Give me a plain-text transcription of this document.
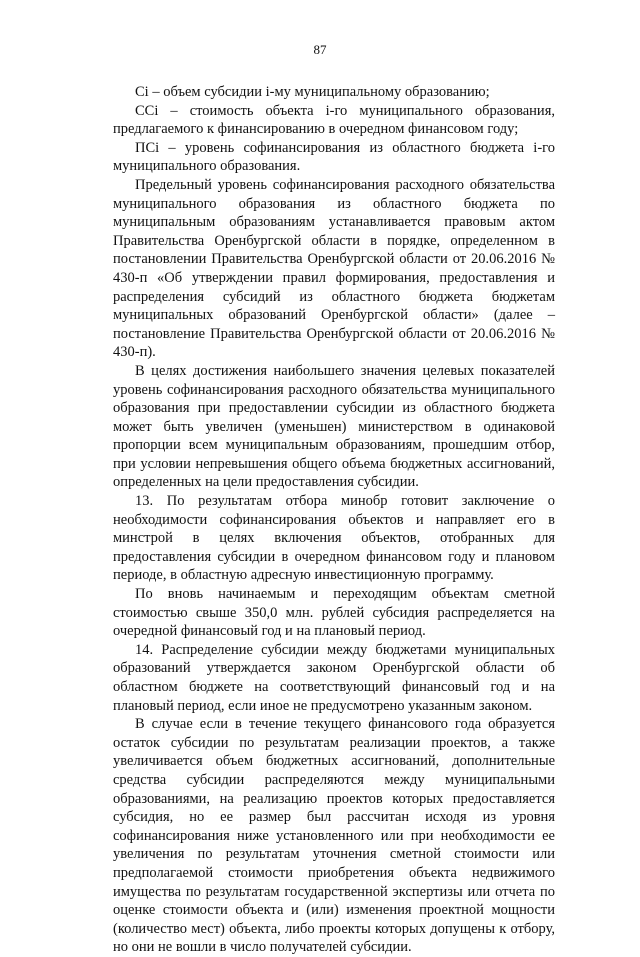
87

Ci – объем субсидии i-му муниципальному образованию;

ССi – стоимость объекта i-го муниципального образования, предлагаемого к финансированию в очередном финансовом году;

ПСi – уровень софинансирования из областного бюджета i-го муниципального образования.

Предельный уровень софинансирования расходного обязательства муниципального образования из областного бюджета по муниципальным образованиям устанавливается правовым актом Правительства Оренбургской области в порядке, определенном в постановлении Правительства Оренбургской области от 20.06.2016 № 430-п «Об утверждении правил формирования, предоставления и распределения субсидий из областного бюджета бюджетам муниципальных образований Оренбургской области» (далее – постановление Правительства Оренбургской области от 20.06.2016 № 430-п).

В целях достижения наибольшего значения целевых показателей уровень софинансирования расходного обязательства муниципального образования при предоставлении субсидии из областного бюджета может быть увеличен (уменьшен) министерством в одинаковой пропорции всем муниципальным образованиям, прошедшим отбор, при условии непревышения общего объема бюджетных ассигнований, определенных на цели предоставления субсидии.

13. По результатам отбора минобр готовит заключение о необходимости софинансирования объектов и направляет его в минстрой в целях включения объектов, отобранных для предоставления субсидии в очередном финансовом году и плановом периоде, в областную адресную инвестиционную программу.

По вновь начинаемым и переходящим объектам сметной стоимостью свыше 350,0 млн. рублей субсидия распределяется на очередной финансовый год и на плановый период.

14. Распределение субсидии между бюджетами муниципальных образований утверждается законом Оренбургской области об областном бюджете на соответствующий финансовый год и на плановый период, если иное не предусмотрено указанным законом.

В случае если в течение текущего финансового года образуется остаток субсидии по результатам реализации проектов, а также увеличивается объем бюджетных ассигнований, дополнительные средства субсидии распределяются между муниципальными образованиями, на реализацию проектов которых предоставляется субсидия, но ее размер был рассчитан исходя из уровня софинансирования ниже установленного или при необходимости ее увеличения по результатам уточнения сметной стоимости или предполагаемой стоимости приобретения объекта недвижимого имущества по результатам государственной экспертизы или отчета по оценке стоимости объекта и (или) изменения проектной мощности (количество мест) объекта, либо проекты которых допущены к отбору, но они не вошли в число получателей субсидии.
